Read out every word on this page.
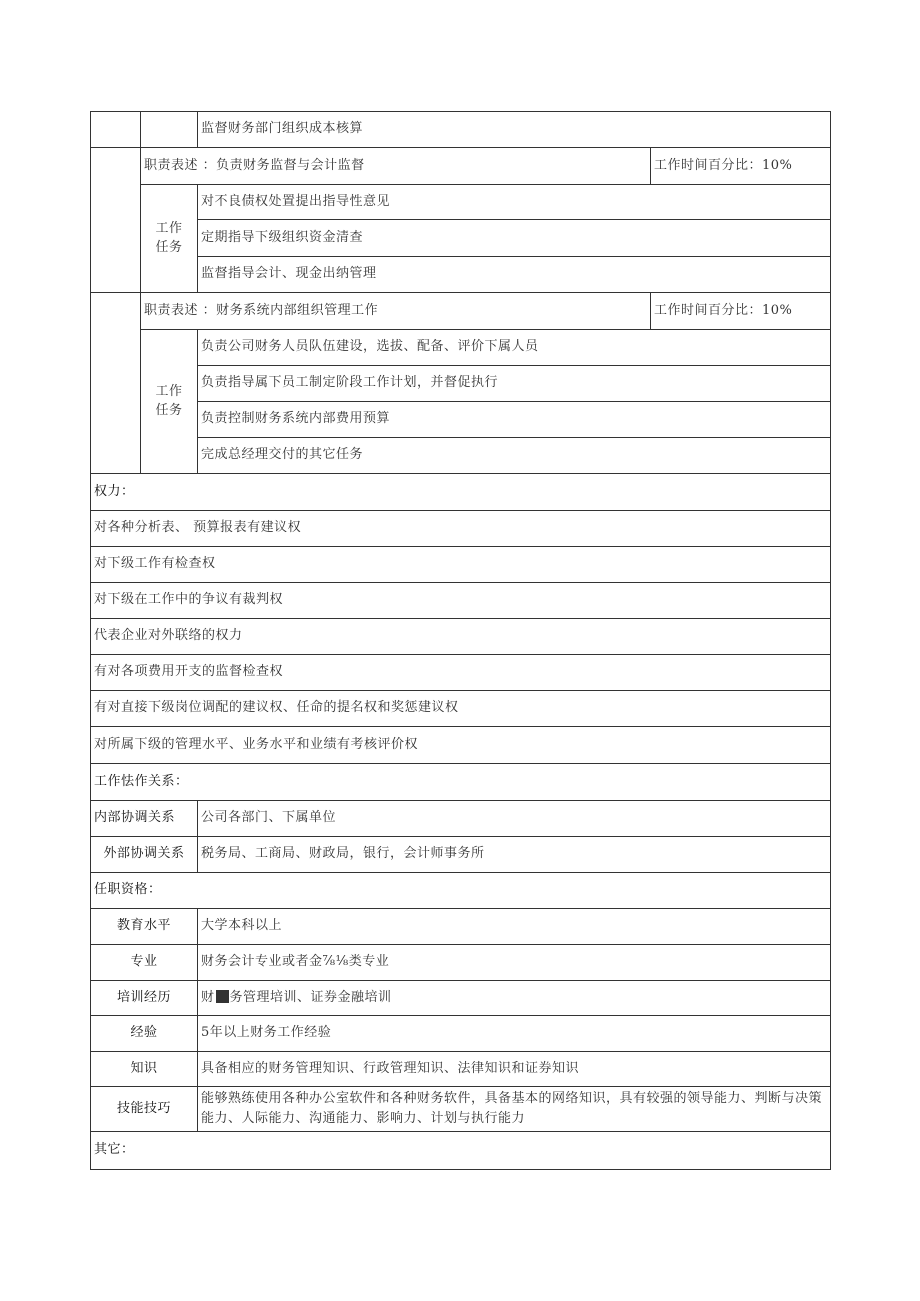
		监督财务部门组织成本核算	
	职责表述 ：负责财务监督与会计监督		工作时间百分比：10%
	工作
任务	对不良债权处置提出指导性意见	
		定期指导下级组织资金清查	
		监督指导会计、现金出纳管理	
	职责表述 ：财务系统内部组织管理工作		工作时间百分比：10%
	工作
任务	负责公司财务人员队伍建设，选拔、配备、评价下属人员	
		负责指导属下员工制定阶段工作计划，并督促执行	
		负责控制财务系统内部费用预算	
		完成总经理交付的其它任务	
权力：			
对各种分析表、 预算报表有建议权			
对下级工作有检查权			
对下级在工作中的争议有裁判权			
代表企业对外联络的权力			
有对各项费用开支的监督检查权			
有对直接下级岗位调配的建议权、任命的提名权和奖惩建议权			
对所属下级的管理水平、业务水平和业绩有考核评价权			
工作怯作关系：			
内部协调关系		公司各部门、下属单位	
外部协调关系		税务局、工商局、财政局，银行，会计师事务所	
任职资格：			
教育水平		大学本科以上	
专业		财务会计专业或者金⅞⅛类专业	
培训经历		财 务管理培训、证券金融培训	
经验		5年以上财务工作经验	
知识		具备相应的财务管理知识、行政管理知识、法律知识和证券知识	
技能技巧		能够熟练使用各种办公室软件和各种财务软件，具备基本的网络知识，具有较强的领导能力、判断与决策能力、人际能力、沟通能力、影响力、计划与执行能力	
其它：			
